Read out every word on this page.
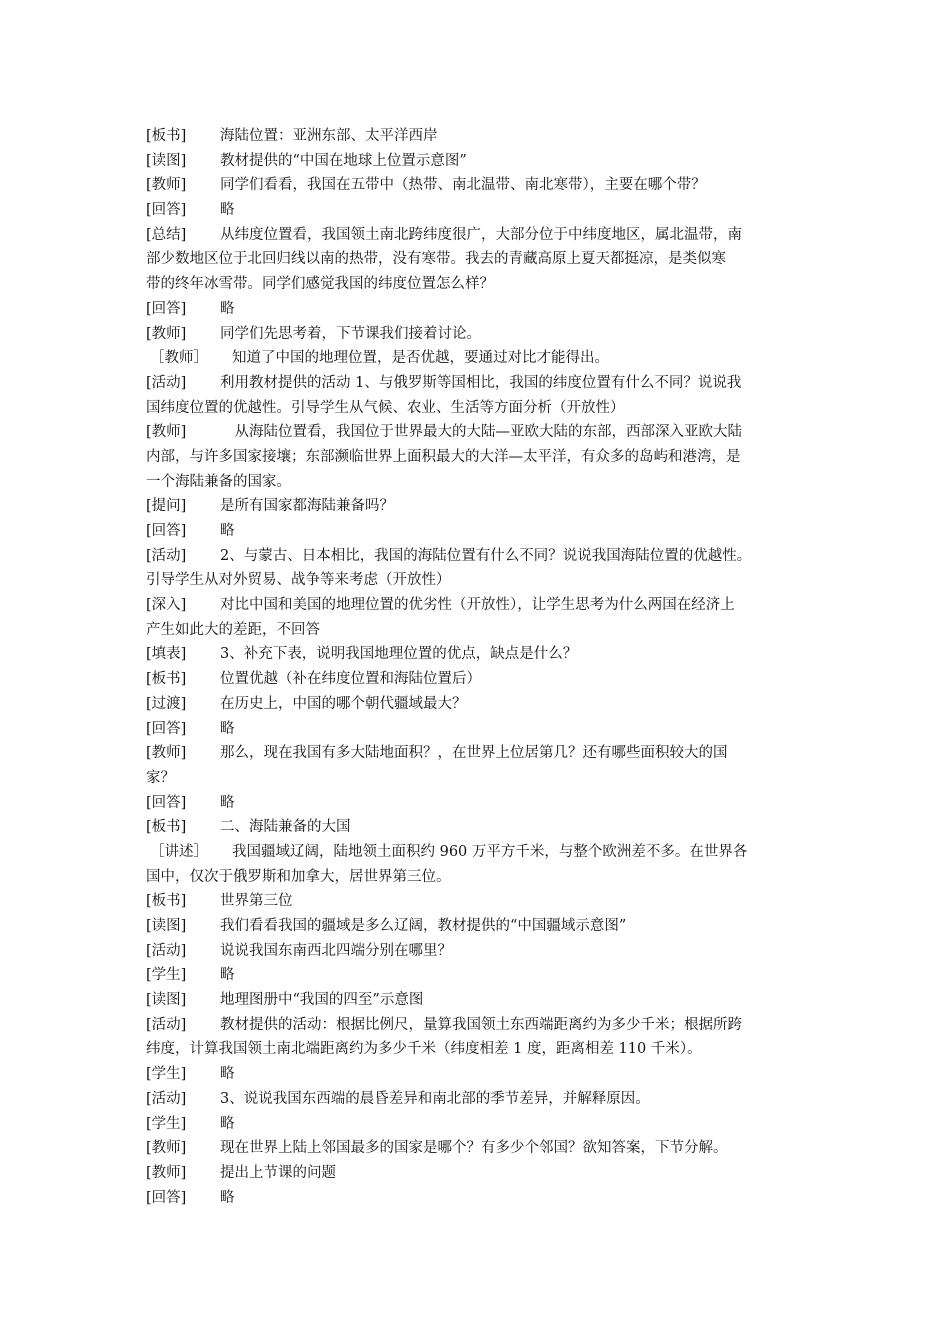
[板书] 海陆位置：亚洲东部、太平洋西岸
[读图] 教材提供的“中国在地球上位置示意图”
[教师] 同学们看看，我国在五带中（热带、南北温带、南北寒带），主要在哪个带？
[回答] 略
[总结] 从纬度位置看，我国领土南北跨纬度很广，大部分位于中纬度地区，属北温带，南
部少数地区位于北回归线以南的热带，没有寒带。我去的青藏高原上夏天都挺凉，是类似寒
带的终年冰雪带。同学们感觉我国的纬度位置怎么样？
[回答] 略
[教师] 同学们先思考着，下节课我们接着讨论。
［教师］ 知道了中国的地理位置，是否优越，要通过对比才能得出。
[活动] 利用教材提供的活动 1、与俄罗斯等国相比，我国的纬度位置有什么不同？说说我
国纬度位置的优越性。引导学生从气候、农业、生活等方面分析（开放性）
[教师]　从海陆位置看，我国位于世界最大的大陆—亚欧大陆的东部，西部深入亚欧大陆
内部，与许多国家接壤；东部濒临世界上面积最大的大洋—太平洋，有众多的岛屿和港湾，是
一个海陆兼备的国家。
[提问] 是所有国家都海陆兼备吗？
[回答] 略
[活动] 2、与蒙古、日本相比，我国的海陆位置有什么不同？说说我国海陆位置的优越性。
引导学生从对外贸易、战争等来考虑（开放性）
[深入] 对比中国和美国的地理位置的优劣性（开放性），让学生思考为什么两国在经济上
产生如此大的差距，不回答
[填表] 3、补充下表，说明我国地理位置的优点，缺点是什么？
[板书] 位置优越（补在纬度位置和海陆位置后）
[过渡] 在历史上，中国的哪个朝代疆域最大？
[回答] 略
[教师] 那么，现在我国有多大陆地面积？，在世界上位居第几？还有哪些面积较大的国
家？
[回答] 略
[板书] 二、海陆兼备的大国
［讲述］ 我国疆域辽阔，陆地领土面积约 960 万平方千米，与整个欧洲差不多。在世界各
国中，仅次于俄罗斯和加拿大，居世界第三位。
[板书] 世界第三位
[读图] 我们看看我国的疆域是多么辽阔，教材提供的“中国疆域示意图”
[活动] 说说我国东南西北四端分别在哪里？
[学生] 略
[读图] 地理图册中“我国的四至”示意图
[活动] 教材提供的活动：根据比例尺，量算我国领土东西端距离约为多少千米；根据所跨
纬度，计算我国领土南北端距离约为多少千米（纬度相差 1 度，距离相差 110 千米）。
[学生] 略
[活动] 3、说说我国东西端的晨昏差异和南北部的季节差异，并解释原因。
[学生] 略
[教师] 现在世界上陆上邻国最多的国家是哪个？有多少个邻国？欲知答案，下节分解。
[教师] 提出上节课的问题
[回答] 略
